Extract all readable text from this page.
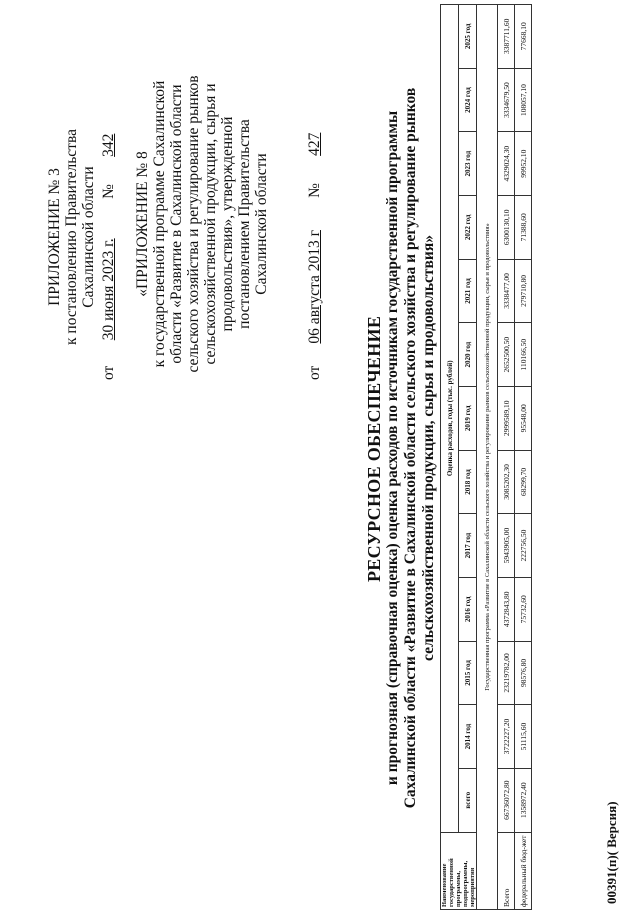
ПРИЛОЖЕНИЕ № 3 к постановлению Правительства Сахалинской области
от 30 июня 2023 г. № 342
«ПРИЛОЖЕНИЕ № 8 к государственной программе Сахалинской области «Развитие в Сахалинской области сельского хозяйства и регулирование рынков сельскохозяйственной продукции, сырья и продовольствия», утвержденной постановлением Правительства Сахалинской области
от 06 августа 2013 г № 427
РЕСУРСНОЕ ОБЕСПЕЧЕНИЕ и прогнозная (справочная оценка) оценка расходов по источникам государственной программы Сахалинской области «Развитие в Сахалинской области сельского хозяйства и регулирование рынков сельскохозяйственной продукции, сырья и продовольствия»
Наименование государственной программы, подпрограммы, мероприятия	Оценка расходов, годы (тыс. рублей)												
	всего	2014 год	2015 год	2016 год	2017 год	2018 год	2019 год	2020 год	2021 год	2022 год	2023 год	2024 год	2025 год
Государственная программа «Развитие в Сахалинской области сельского хозяйства и регулирование рынков сельскохозяйственной продукции, сырья и продовольствия»													
Всего	66736072,80	3722227,20	23219782,00	4372843,80	5943905,00	3085202,30	2999589,10	2652500,50	3338477,00	6300130,10	4329024,30	3334679,50	3387711,60
федеральный бюд-жет	1358972,40	51115,60	98576,80	75732,60	222756,50	68299,70	95548,00	110166,50	279710,80	71388,60	99952,10	108057,10	77668,10
00391(п)( Версия)
